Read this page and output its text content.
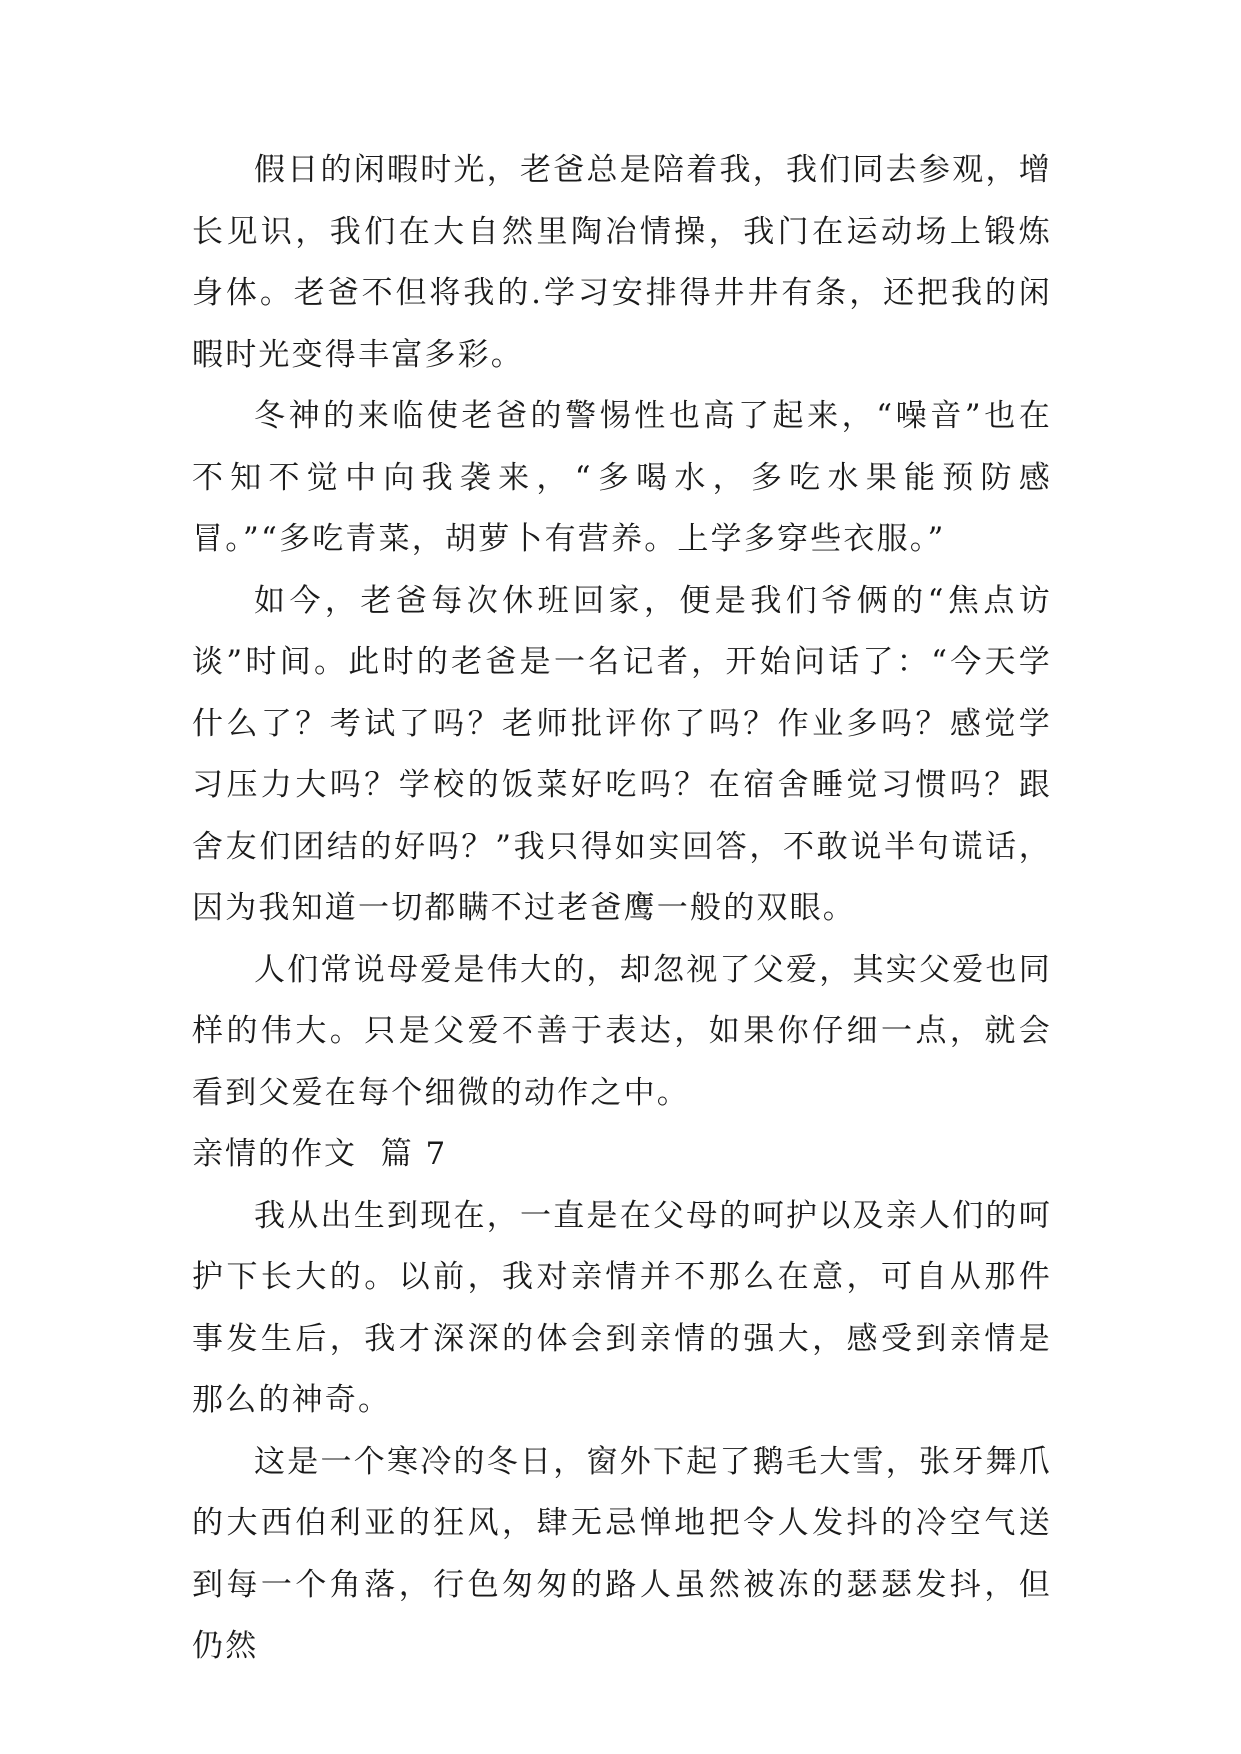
假日的闲暇时光，老爸总是陪着我，我们同去参观，增长见识，我们在大自然里陶冶情操，我门在运动场上锻炼身体。老爸不但将我的.学习安排得井井有条，还把我的闲暇时光变得丰富多彩。

冬神的来临使老爸的警惕性也高了起来，“噪音”也在不知不觉中向我袭来，“多喝水，多吃水果能预防感冒。”“多吃青菜，胡萝卜有营养。上学多穿些衣服。”

如今，老爸每次休班回家，便是我们爷俩的“焦点访谈”时间。此时的老爸是一名记者，开始问话了：“今天学什么了？考试了吗？老师批评你了吗？作业多吗？感觉学习压力大吗？学校的饭菜好吃吗？在宿舍睡觉习惯吗？跟舍友们团结的好吗？”我只得如实回答，不敢说半句谎话，因为我知道一切都瞒不过老爸鹰一般的双眼。

人们常说母爱是伟大的，却忽视了父爱，其实父爱也同样的伟大。只是父爱不善于表达，如果你仔细一点，就会看到父爱在每个细微的动作之中。

亲情的作文  篇 7

我从出生到现在，一直是在父母的呵护以及亲人们的呵护下长大的。以前，我对亲情并不那么在意，可自从那件事发生后，我才深深的体会到亲情的强大，感受到亲情是那么的神奇。

这是一个寒冷的冬日，窗外下起了鹅毛大雪，张牙舞爪的大西伯利亚的狂风，肆无忌惮地把令人发抖的冷空气送到每一个角落，行色匆匆的路人虽然被冻的瑟瑟发抖，但仍然
